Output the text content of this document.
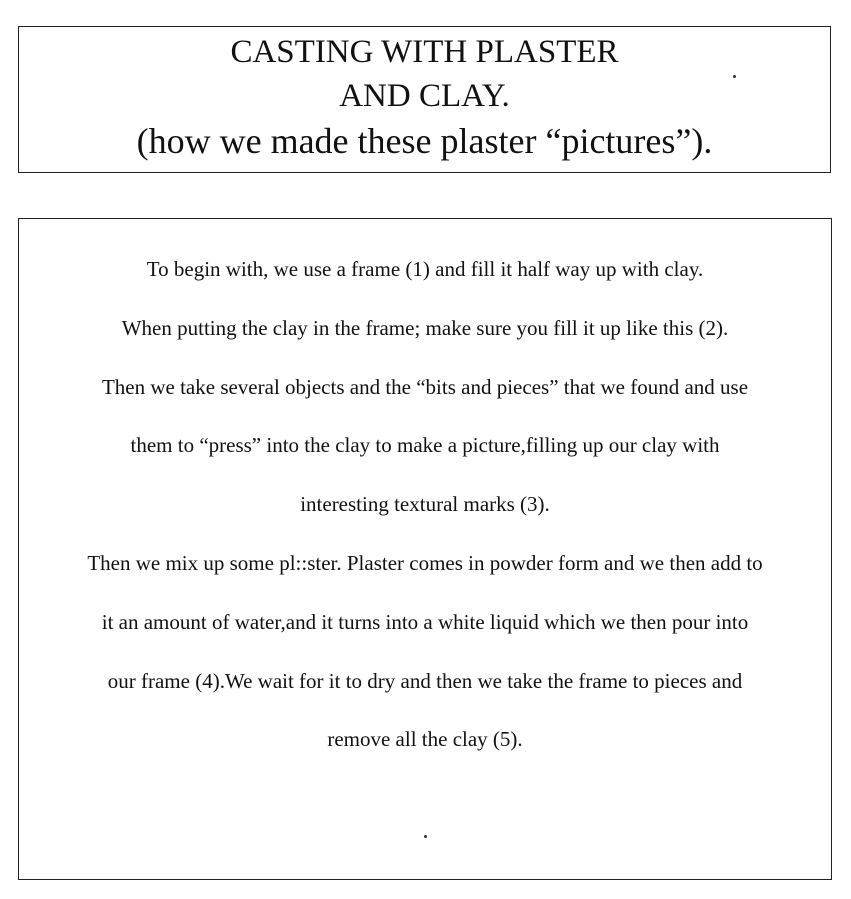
CASTING WITH PLASTER
AND CLAY.
(how we made these plaster “pictures”).
To begin with, we use a frame (1) and fill it half way up with clay.
When putting the clay in the frame; make sure you fill it up like this (2).
Then we take several objects and the “bits and pieces” that we found and use
them to “press” into the clay to make a picture,filling up our clay with
interesting textural marks (3).
Then we mix up some pl::ster. Plaster comes in powder form and we then add to
it an amount of water,and it turns into a white liquid which we then pour into
our frame (4).We wait for it to dry and then we take the frame to pieces and
remove all the clay (5).
